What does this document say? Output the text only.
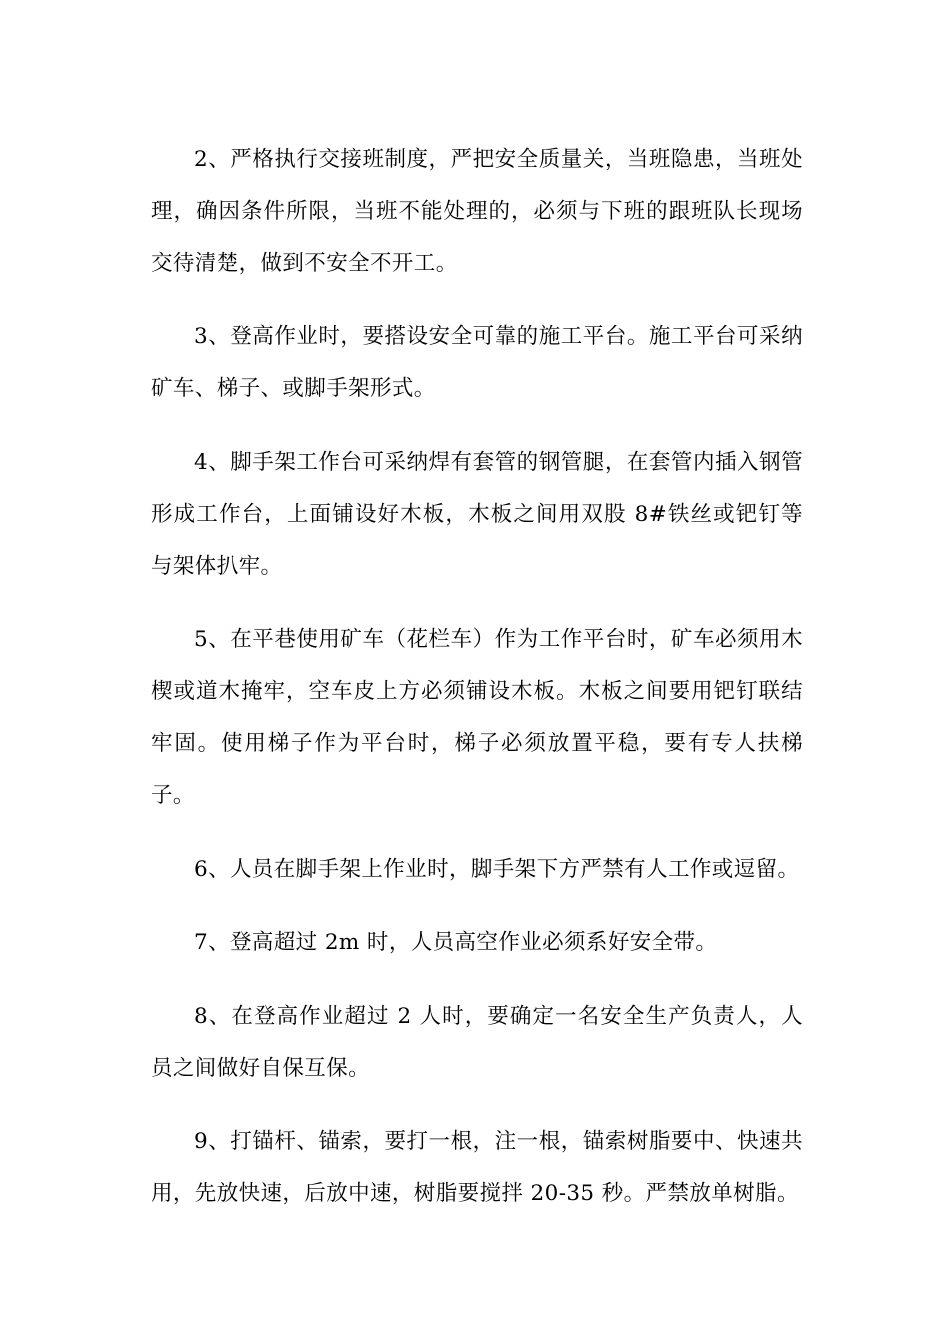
2、严格执行交接班制度，严把安全质量关，当班隐患，当班处理，确因条件所限，当班不能处理的，必须与下班的跟班队长现场交待清楚，做到不安全不开工。

3、登高作业时，要搭设安全可靠的施工平台。施工平台可采纳矿车、梯子、或脚手架形式。

4、脚手架工作台可采纳焊有套管的钢管腿，在套管内插入钢管形成工作台，上面铺设好木板，木板之间用双股 8#铁丝或钯钉等与架体扒牢。

5、在平巷使用矿车（花栏车）作为工作平台时，矿车必须用木楔或道木掩牢，空车皮上方必须铺设木板。木板之间要用钯钉联结牢固。使用梯子作为平台时，梯子必须放置平稳，要有专人扶梯子。

6、人员在脚手架上作业时，脚手架下方严禁有人工作或逗留。

7、登高超过 2m 时，人员高空作业必须系好安全带。

8、在登高作业超过 2 人时，要确定一名安全生产负责人，人员之间做好自保互保。

9、打锚杆、锚索，要打一根，注一根，锚索树脂要中、快速共用，先放快速，后放中速，树脂要搅拌 20-35 秒。严禁放单树脂。
